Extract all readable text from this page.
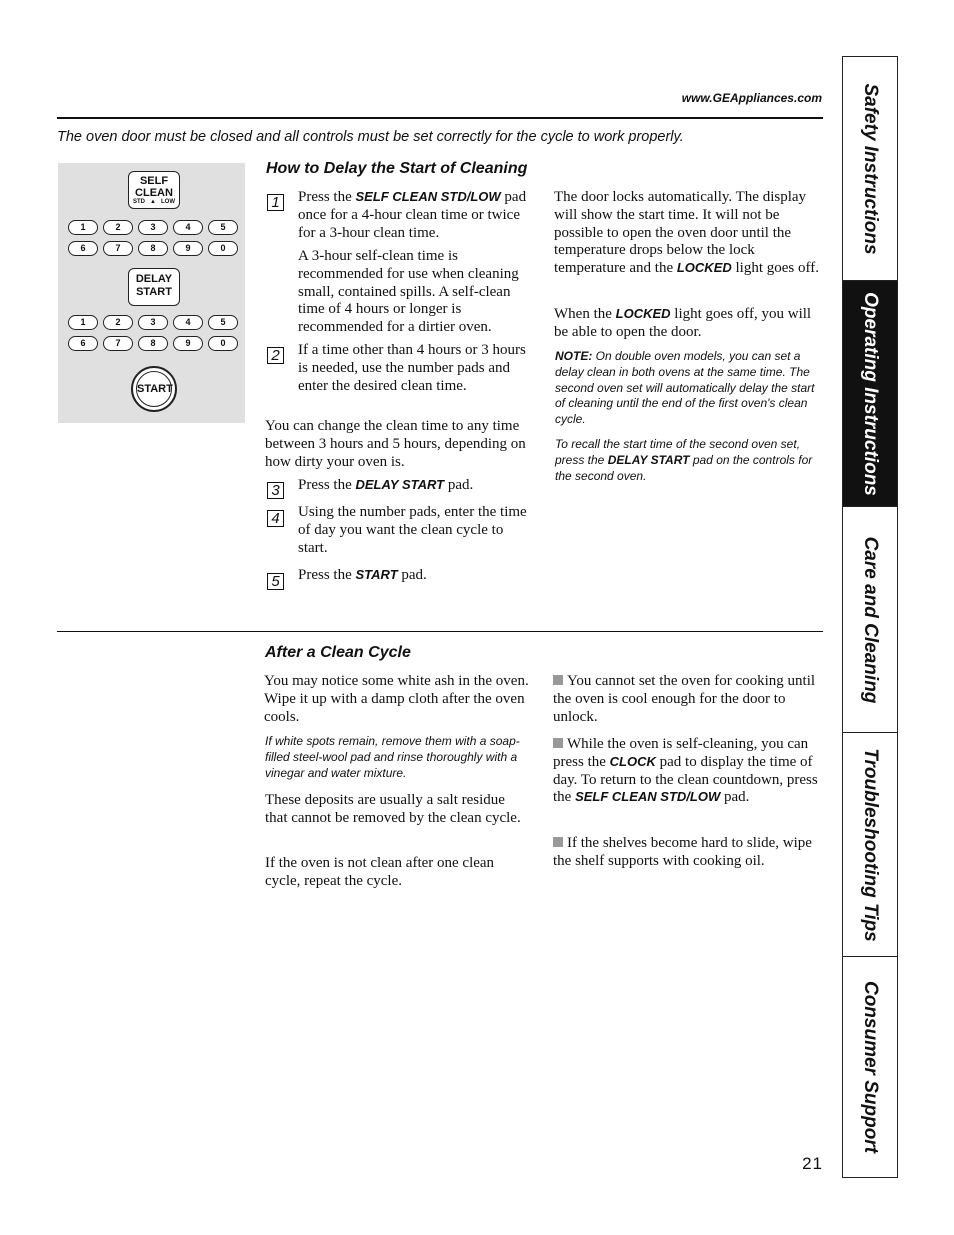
www.GEAppliances.com
The oven door must be closed and all controls must be set correctly for the cycle to work properly.
SELF
CLEAN
STD ▲ LOW
DELAY
START
START
How to Delay the Start of Cleaning
1 Press the SELF CLEAN STD/LOW pad once for a 4-hour clean time or twice for a 3-hour clean time.
A 3-hour self-clean time is recommended for use when cleaning small, contained spills. A self-clean time of 4 hours or longer is recommended for a dirtier oven.
2 If a time other than 4 hours or 3 hours is needed, use the number pads and enter the desired clean time.
You can change the clean time to any time between 3 hours and 5 hours, depending on how dirty your oven is.
3 Press the DELAY START pad.
4 Using the number pads, enter the time of day you want the clean cycle to start.
5 Press the START pad.
The door locks automatically. The display will show the start time. It will not be possible to open the oven door until the temperature drops below the lock temperature and the LOCKED light goes off.
When the LOCKED light goes off, you will be able to open the door.
NOTE: On double oven models, you can set a delay clean in both ovens at the same time. The second oven set will automatically delay the start of cleaning until the end of the first oven's clean cycle.
To recall the start time of the second oven set, press the DELAY START pad on the controls for the second oven.
After a Clean Cycle
You may notice some white ash in the oven. Wipe it up with a damp cloth after the oven cools.
If white spots remain, remove them with a soap-filled steel-wool pad and rinse thoroughly with a vinegar and water mixture.
These deposits are usually a salt residue that cannot be removed by the clean cycle.
If the oven is not clean after one clean cycle, repeat the cycle.
You cannot set the oven for cooking until the oven is cool enough for the door to unlock.
While the oven is self-cleaning, you can press the CLOCK pad to display the time of day. To return to the clean countdown, press the SELF CLEAN STD/LOW pad.
If the shelves become hard to slide, wipe the shelf supports with cooking oil.
Safety Instructions
Operating Instructions
Care and Cleaning
Troubleshooting Tips
Consumer Support
21
1	2	3	4	5
6	7	8	9	0
1	2	3	4	5
6	7	8	9	0
